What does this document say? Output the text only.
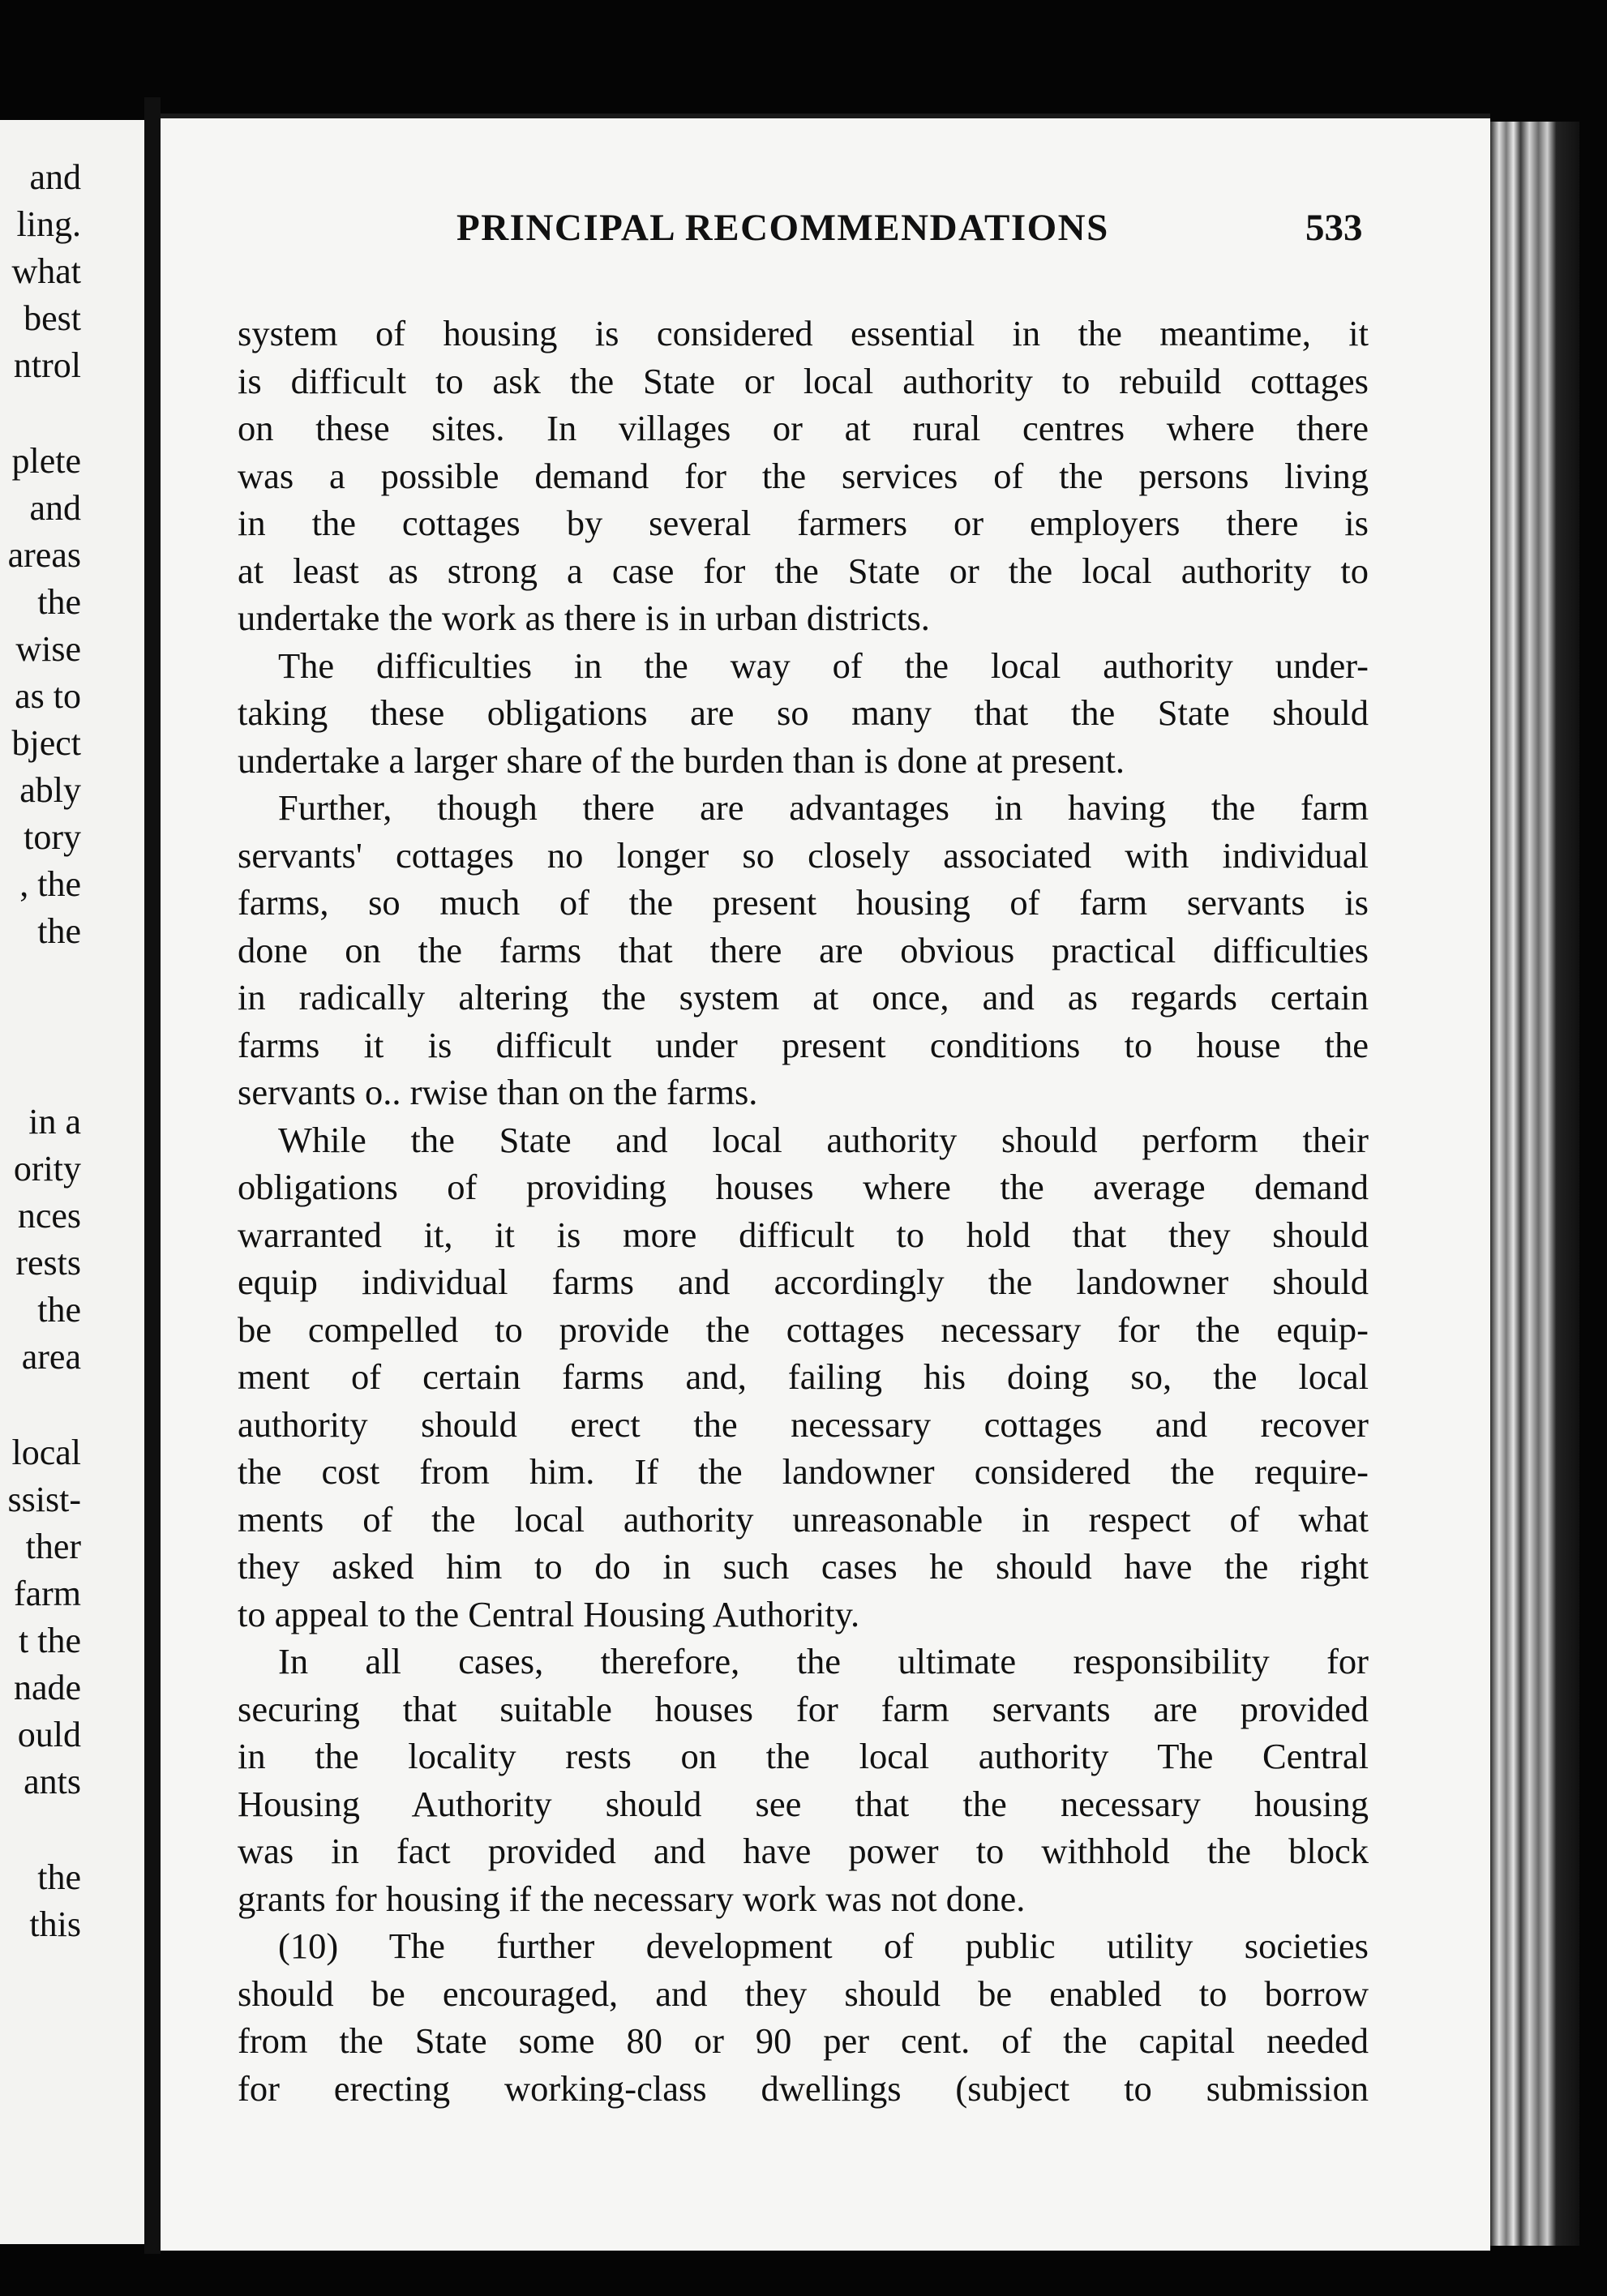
and
ling.
what
best
ntrol
plete
and
areas
the
wise
as to
bject
ably
tory
, the
the
in a
ority
nces
rests
the
area
local
ssist-
ther
farm
t the
nade
ould
ants
the
this
PRINCIPAL RECOMMENDATIONS	533
system of housing is considered essential in the meantime, it
is difficult to ask the State or local authority to rebuild cottages
on these sites. In villages or at rural centres where there
was a possible demand for the services of the persons living
in the cottages by several farmers or employers there is
at least as strong a case for the State or the local authority to
undertake the work as there is in urban districts.
The difficulties in the way of the local authority under-
taking these obligations are so many that the State should
undertake a larger share of the burden than is done at present.
Further, though there are advantages in having the farm
servants' cottages no longer so closely associated with individual
farms, so much of the present housing of farm servants is
done on the farms that there are obvious practical difficulties
in radically altering the system at once, and as regards certain
farms it is difficult under present conditions to house the
servants o.. rwise than on the farms.
While the State and local authority should perform their
obligations of providing houses where the average demand
warranted it, it is more difficult to hold that they should
equip individual farms and accordingly the landowner should
be compelled to provide the cottages necessary for the equip-
ment of certain farms and, failing his doing so, the local
authority should erect the necessary cottages and recover
the cost from him. If the landowner considered the require-
ments of the local authority unreasonable in respect of what
they asked him to do in such cases he should have the right
to appeal to the Central Housing Authority.
In all cases, therefore, the ultimate responsibility for
securing that suitable houses for farm servants are provided
in the locality rests on the local authority The Central
Housing Authority should see that the necessary housing
was in fact provided and have power to withhold the block
grants for housing if the necessary work was not done.
(10) The further development of public utility societies
should be encouraged, and they should be enabled to borrow
from the State some 80 or 90 per cent. of the capital needed
for erecting working-class dwellings (subject to submission
